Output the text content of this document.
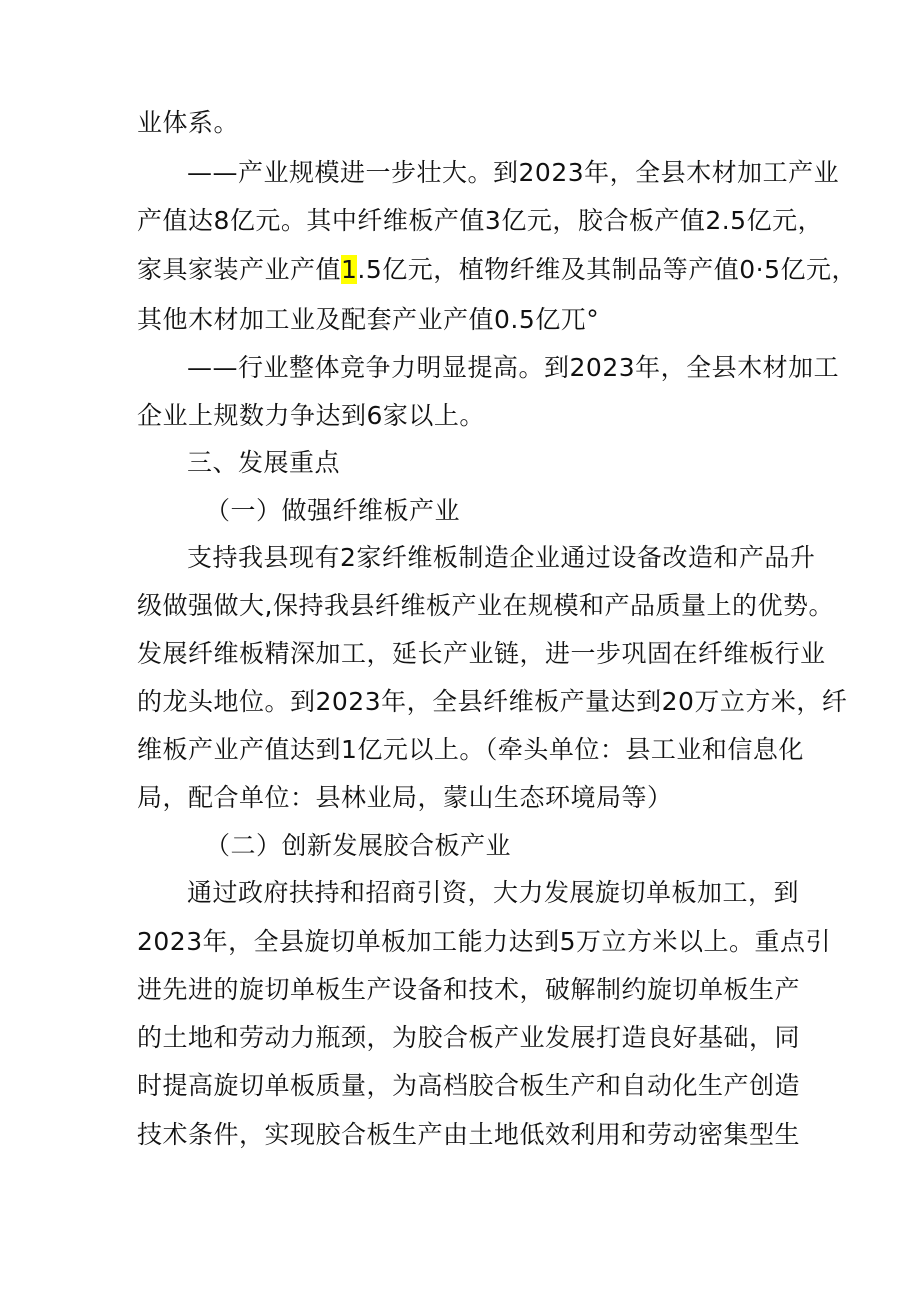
业体系。
——产业规模进一步壮大。到2023年，全县木材加工产业
产值达8亿元。其中纤维板产值3亿元，胶合板产值2.5亿元，
家具家装产业产值1.5亿元，植物纤维及其制品等产值0·5亿元，
其他木材加工业及配套产业产值0.5亿兀°
——行业整体竞争力明显提高。到2023年，全县木材加工
企业上规数力争达到6家以上。
三、发展重点
（一）做强纤维板产业
支持我县现有2家纤维板制造企业通过设备改造和产品升
级做强做大,保持我县纤维板产业在规模和产品质量上的优势。
发展纤维板精深加工，延长产业链，进一步巩固在纤维板行业
的龙头地位。到2023年，全县纤维板产量达到20万立方米，纤
维板产业产值达到1亿元以上。（牵头单位：县工业和信息化
局，配合单位：县林业局，蒙山生态环境局等）
（二）创新发展胶合板产业
通过政府扶持和招商引资，大力发展旋切单板加工，到
2023年，全县旋切单板加工能力达到5万立方米以上。重点引
进先进的旋切单板生产设备和技术，破解制约旋切单板生产
的土地和劳动力瓶颈，为胶合板产业发展打造良好基础，同
时提高旋切单板质量，为高档胶合板生产和自动化生产创造
技术条件，实现胶合板生产由土地低效利用和劳动密集型生
